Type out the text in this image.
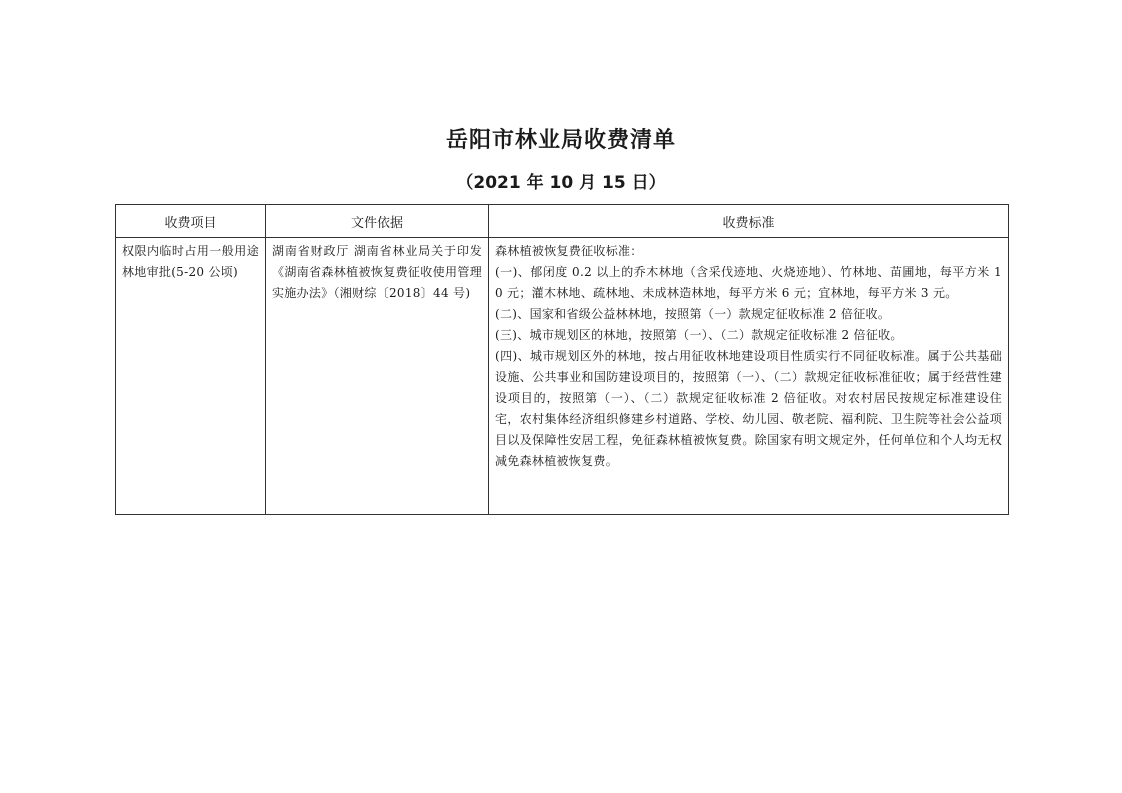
岳阳市林业局收费清单
（2021 年 10 月 15 日）
收费项目	文件依据	收费标准
权限内临时占用一般用途林地审批(5-20 公顷)	湖南省财政厅 湖南省林业局关于印发《湖南省森林植被恢复费征收使用管理实施办法》（湘财综〔2018〕44 号)	森林植被恢复费征收标准：
(一)、郁闭度 0.2 以上的乔木林地（含采伐迹地、火烧迹地）、竹林地、苗圃地，每平方米 10 元；灌木林地、疏林地、未成林造林地，每平方米 6 元；宜林地，每平方米 3 元。
(二)、国家和省级公益林林地，按照第（一）款规定征收标准 2 倍征收。
(三)、城市规划区的林地，按照第（一）、（二）款规定征收标准 2 倍征收。
(四)、城市规划区外的林地，按占用征收林地建设项目性质实行不同征收标准。属于公共基础设施、公共事业和国防建设项目的，按照第（一）、（二）款规定征收标准征收；属于经营性建设项目的，按照第（一）、（二）款规定征收标准 2 倍征收。对农村居民按规定标准建设住宅，农村集体经济组织修建乡村道路、学校、幼儿园、敬老院、福利院、卫生院等社会公益项目以及保障性安居工程，免征森林植被恢复费。除国家有明文规定外，任何单位和个人均无权减免森林植被恢复费。
